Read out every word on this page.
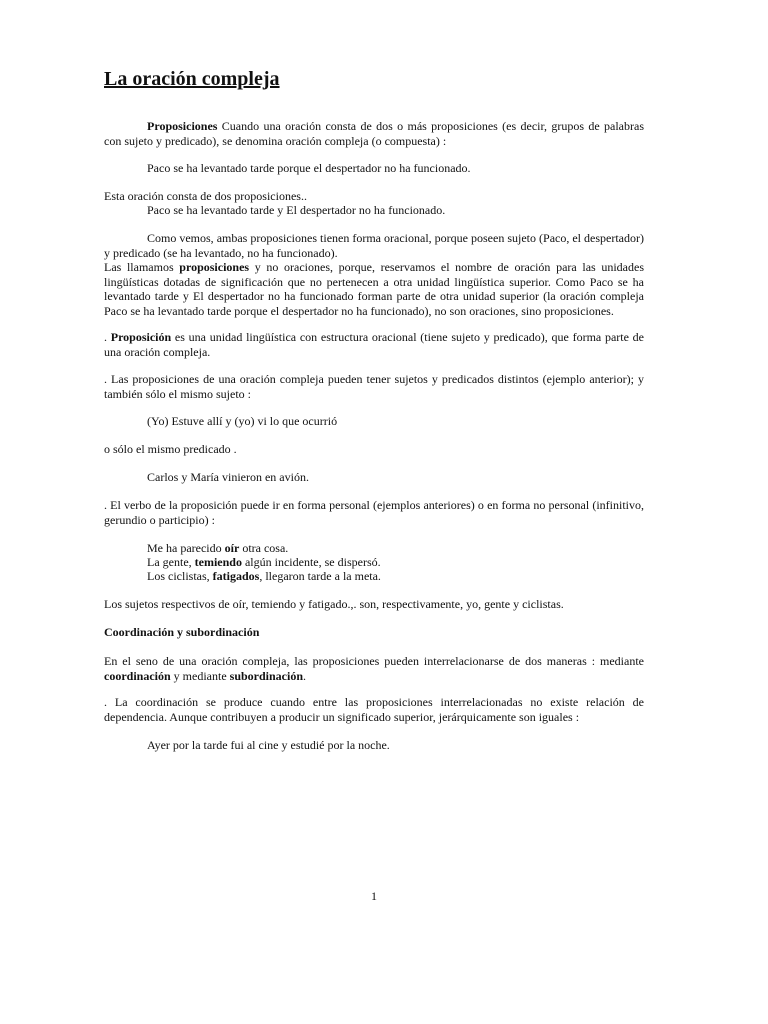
La oración compleja

Proposiciones Cuando una oración consta de dos o más proposiciones (es decir, grupos de palabras con sujeto y predicado), se denomina oración compleja (o compuesta) :

Paco se ha levantado tarde porque el despertador no ha funcionado.

Esta oración consta de dos proposiciones..

Paco se ha levantado tarde y El despertador no ha funcionado.

Como vemos, ambas proposiciones tienen forma oracional, porque poseen sujeto (Paco, el despertador) y predicado (se ha levantado, no ha funcionado).

Las llamamos proposiciones y no oraciones, porque, reservamos el nombre de oración para las unidades lingüísticas dotadas de significación que no pertenecen a otra unidad lingüística superior. Como Paco se ha levantado tarde y El despertador no ha funcionado forman parte de otra unidad superior (la oración compleja Paco se ha levantado tarde porque el despertador no ha funcionado), no son oraciones, sino proposiciones.

. Proposición es una unidad lingüística con estructura oracional (tiene sujeto y predicado), que forma parte de una oración compleja.

. Las proposiciones de una oración compleja pueden tener sujetos y predicados distintos (ejemplo anterior); y también sólo el mismo sujeto :

(Yo) Estuve allí y (yo) vi lo que ocurrió

o sólo el mismo predicado .

Carlos y María vinieron en avión.

. El verbo de la proposición puede ir en forma personal (ejemplos anteriores) o en forma no personal (infinitivo, gerundio o participio) :

Me ha parecido oír otra cosa.

La gente, temiendo algún incidente, se dispersó.

Los ciclistas, fatigados, llegaron tarde a la meta.

Los sujetos respectivos de oír, temiendo y fatigado.,. son, respectivamente, yo, gente y ciclistas.

Coordinación y subordinación

En el seno de una oración compleja, las proposiciones pueden interrelacionarse de dos maneras : mediante coordinación y mediante subordinación.

. La coordinación se produce cuando entre las proposiciones interrelacionadas no existe relación de dependencia. Aunque contribuyen a producir un significado superior, jerárquicamente son iguales :

Ayer por la tarde fui al cine y estudié por la noche.

1
